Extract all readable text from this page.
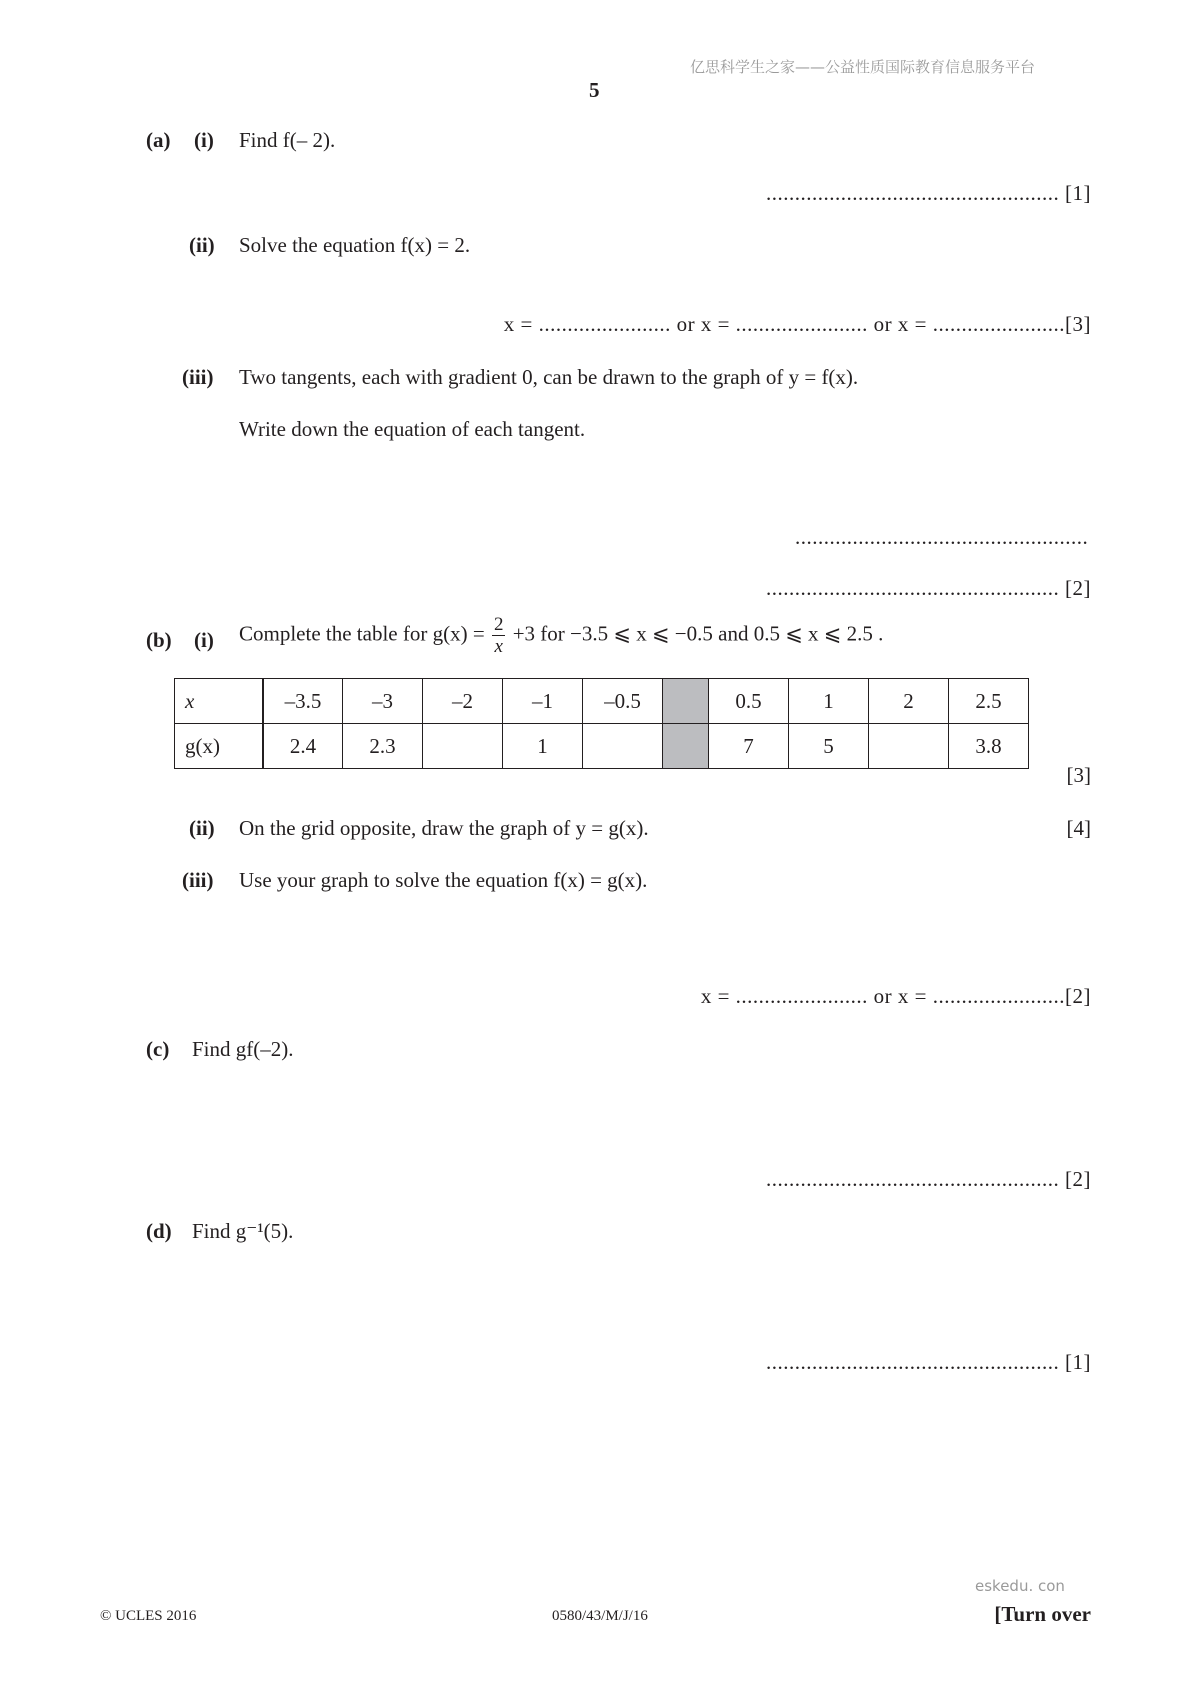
亿思科学生之家——公益性质国际教育信息服务平台
5
(a) (i) Find f(– 2).
................................................... [1]
(ii) Solve the equation f(x) = 2.
x = ....................... or x = ....................... or x = .......................[3]
(iii) Two tangents, each with gradient 0, can be drawn to the graph of y = f(x).
Write down the equation of each tangent.
...................................................
................................................... [2]
(b) (i) Complete the table for $g(x) = \frac{2}{x} +3$ for −3.5 ⩽ x ⩽ −0.5 and 0.5 ⩽ x ⩽ 2.5 .
x	–3.5	–3	–2	–1	–0.5		0.5	1	2	2.5
g(x)	2.4	2.3		1			7	5		3.8
[3]
(ii) On the grid opposite, draw the graph of y = g(x).	[4]
(iii) Use your graph to solve the equation f(x) = g(x).
x = ....................... or x = .......................[2]
(c) Find gf(–2).
................................................... [2]
(d) Find g⁻¹(5).
................................................... [1]
eskedu. con
© UCLES 2016	0580/43/M/J/16	[Turn over
